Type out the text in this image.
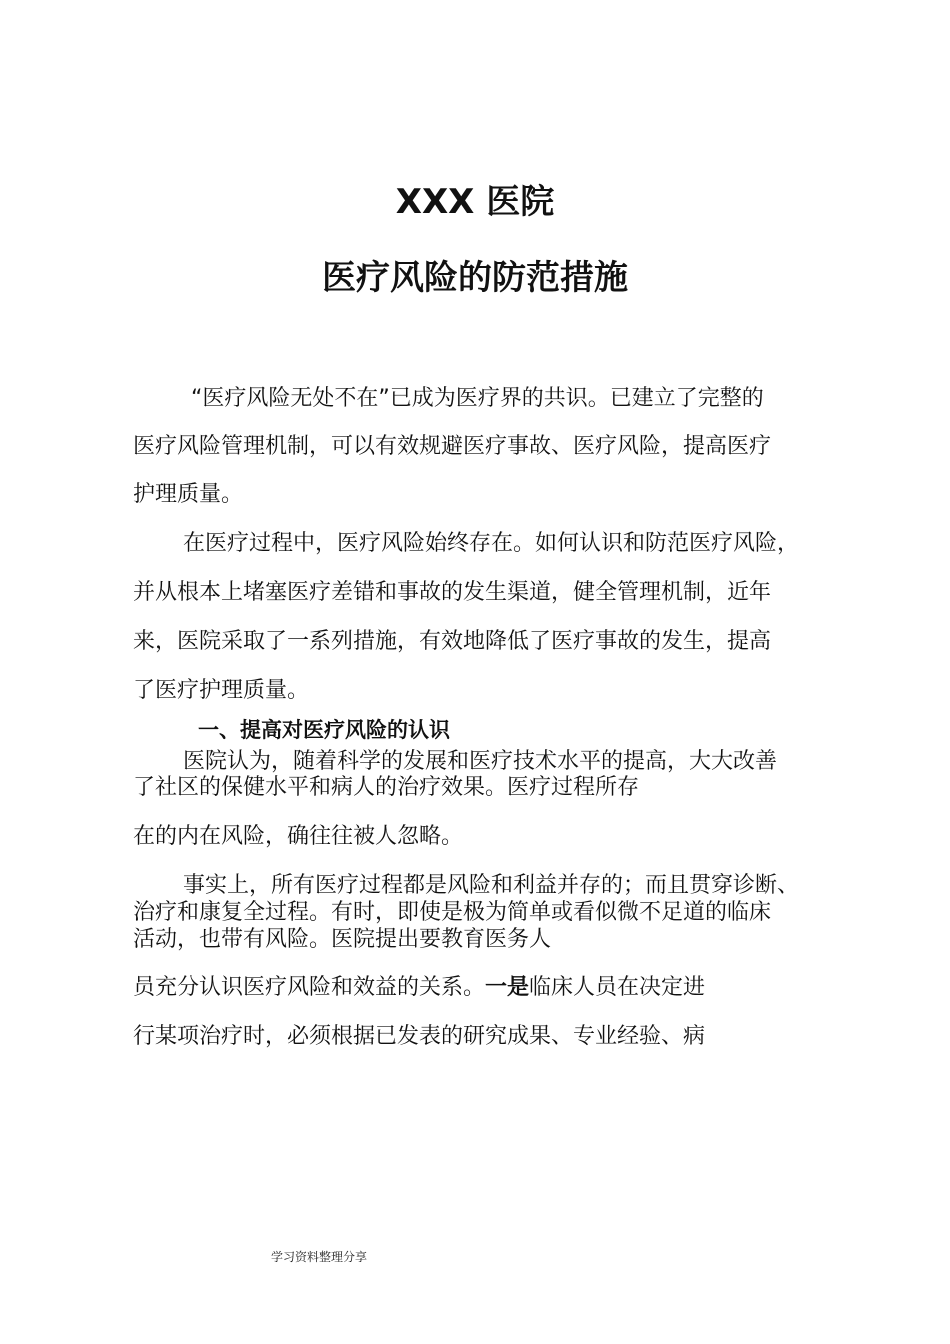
XXX 医院
医疗风险的防范措施
“医疗风险无处不在”已成为医疗界的共识。已建立了完整的
医疗风险管理机制，可以有效规避医疗事故、医疗风险，提高医疗
护理质量。
在医疗过程中，医疗风险始终存在。如何认识和防范医疗风险，
并从根本上堵塞医疗差错和事故的发生渠道，健全管理机制，近年
来，医院采取了一系列措施，有效地降低了医疗事故的发生，提高
了医疗护理质量。
一、提高对医疗风险的认识
医院认为，随着科学的发展和医疗技术水平的提高，大大改善
了社区的保健水平和病人的治疗效果。医疗过程所存
在的内在风险，确往往被人忽略。
事实上，所有医疗过程都是风险和利益并存的；而且贯穿诊断、
治疗和康复全过程。有时，即使是极为简单或看似微不足道的临床
活动，也带有风险。医院提出要教育医务人
员充分认识医疗风险和效益的关系。一是临床人员在决定进
行某项治疗时，必须根据已发表的研究成果、专业经验、病
学习资料整理分享
